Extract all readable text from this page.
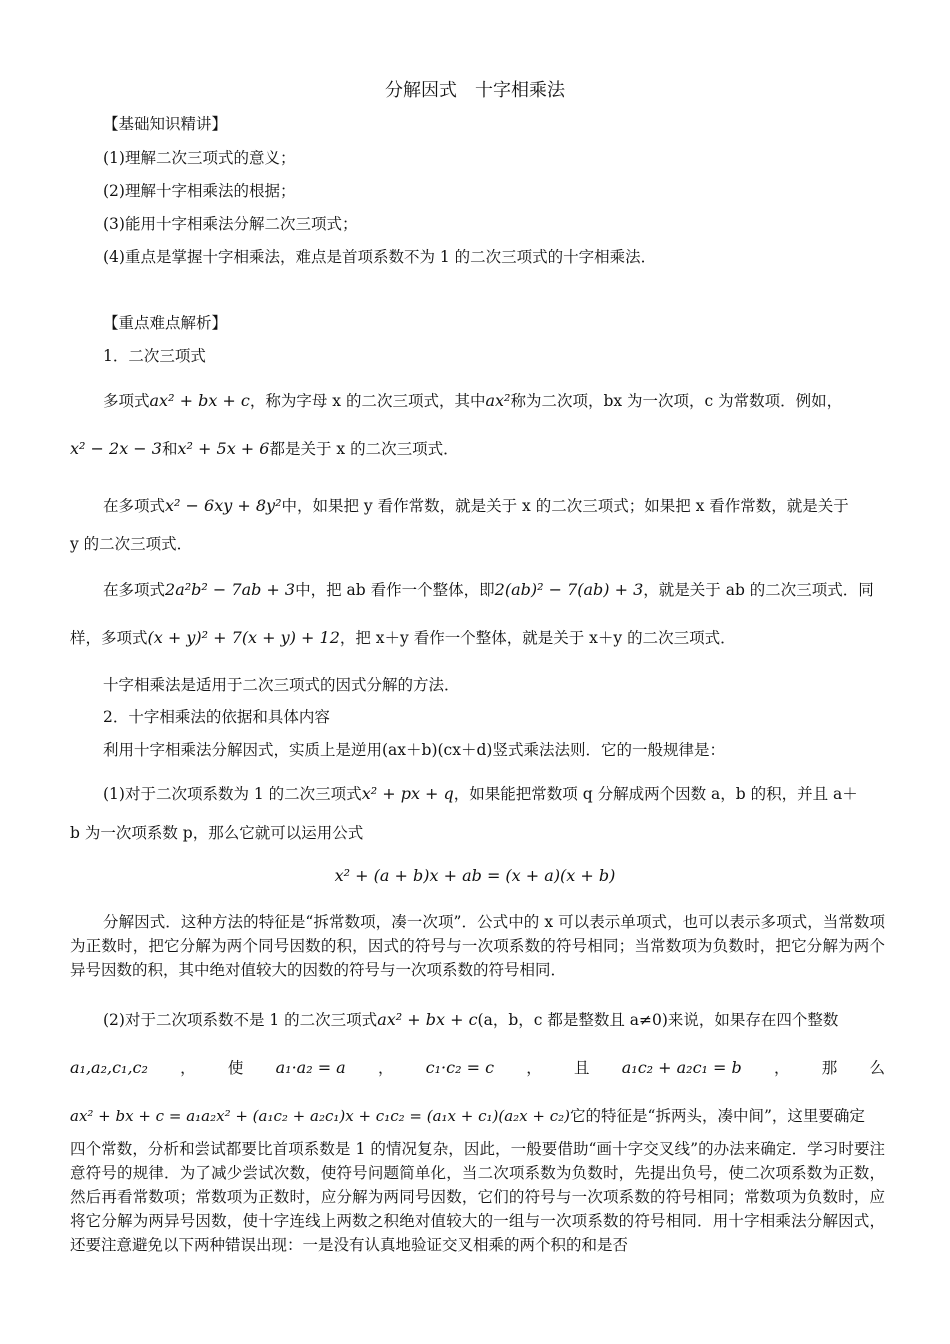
分解因式　十字相乘法
【基础知识精讲】
(1)理解二次三项式的意义；
(2)理解十字相乘法的根据；
(3)能用十字相乘法分解二次三项式；
(4)重点是掌握十字相乘法，难点是首项系数不为 1 的二次三项式的十字相乘法．
【重点难点解析】
1．二次三项式
多项式ax² + bx + c，称为字母 x 的二次三项式，其中ax²称为二次项，bx 为一次项，c 为常数项．例如，
x² − 2x − 3和x² + 5x + 6都是关于 x 的二次三项式．
在多项式x² − 6xy + 8y²中，如果把 y 看作常数，就是关于 x 的二次三项式；如果把 x 看作常数，就是关于
y 的二次三项式．
在多项式2a²b² − 7ab + 3中，把 ab 看作一个整体，即2(ab)² − 7(ab) + 3，就是关于 ab 的二次三项式．同
样，多项式(x + y)² + 7(x + y) + 12，把 x＋y 看作一个整体，就是关于 x＋y 的二次三项式．
十字相乘法是适用于二次三项式的因式分解的方法．
2．十字相乘法的依据和具体内容
利用十字相乘法分解因式，实质上是逆用(ax＋b)(cx＋d)竖式乘法法则．它的一般规律是：
(1)对于二次项系数为 1 的二次三项式x² + px + q，如果能把常数项 q 分解成两个因数 a，b 的积，并且 a＋
b 为一次项系数 p，那么它就可以运用公式
x² + (a + b)x + ab = (x + a)(x + b)
分解因式．这种方法的特征是“拆常数项，凑一次项”．公式中的 x 可以表示单项式，也可以表示多项式，当常数项为正数时，把它分解为两个同号因数的积，因式的符号与一次项系数的符号相同；当常数项为负数时，把它分解为两个异号因数的积，其中绝对值较大的因数的符号与一次项系数的符号相同．
(2)对于二次项系数不是 1 的二次三项式ax² + bx + c(a，b，c 都是整数且 a≠0)来说，如果存在四个整数
a₁,a₂,c₁,c₂ ， 使 a₁·a₂ = a ， c₁·c₂ = c ， 且 a₁c₂ + a₂c₁ = b ， 那 么
ax² + bx + c = a₁a₂x² + (a₁c₂ + a₂c₁)x + c₁c₂ = (a₁x + c₁)(a₂x + c₂)它的特征是“拆两头，凑中间”，这里要确定
四个常数，分析和尝试都要比首项系数是 1 的情况复杂，因此，一般要借助“画十字交叉线”的办法来确定．学习时要注意符号的规律．为了减少尝试次数，使符号问题简单化，当二次项系数为负数时，先提出负号，使二次项系数为正数，然后再看常数项；常数项为正数时，应分解为两同号因数，它们的符号与一次项系数的符号相同；常数项为负数时，应将它分解为两异号因数，使十字连线上两数之积绝对值较大的一组与一次项系数的符号相同．用十字相乘法分解因式，还要注意避免以下两种错误出现：一是没有认真地验证交叉相乘的两个积的和是否
